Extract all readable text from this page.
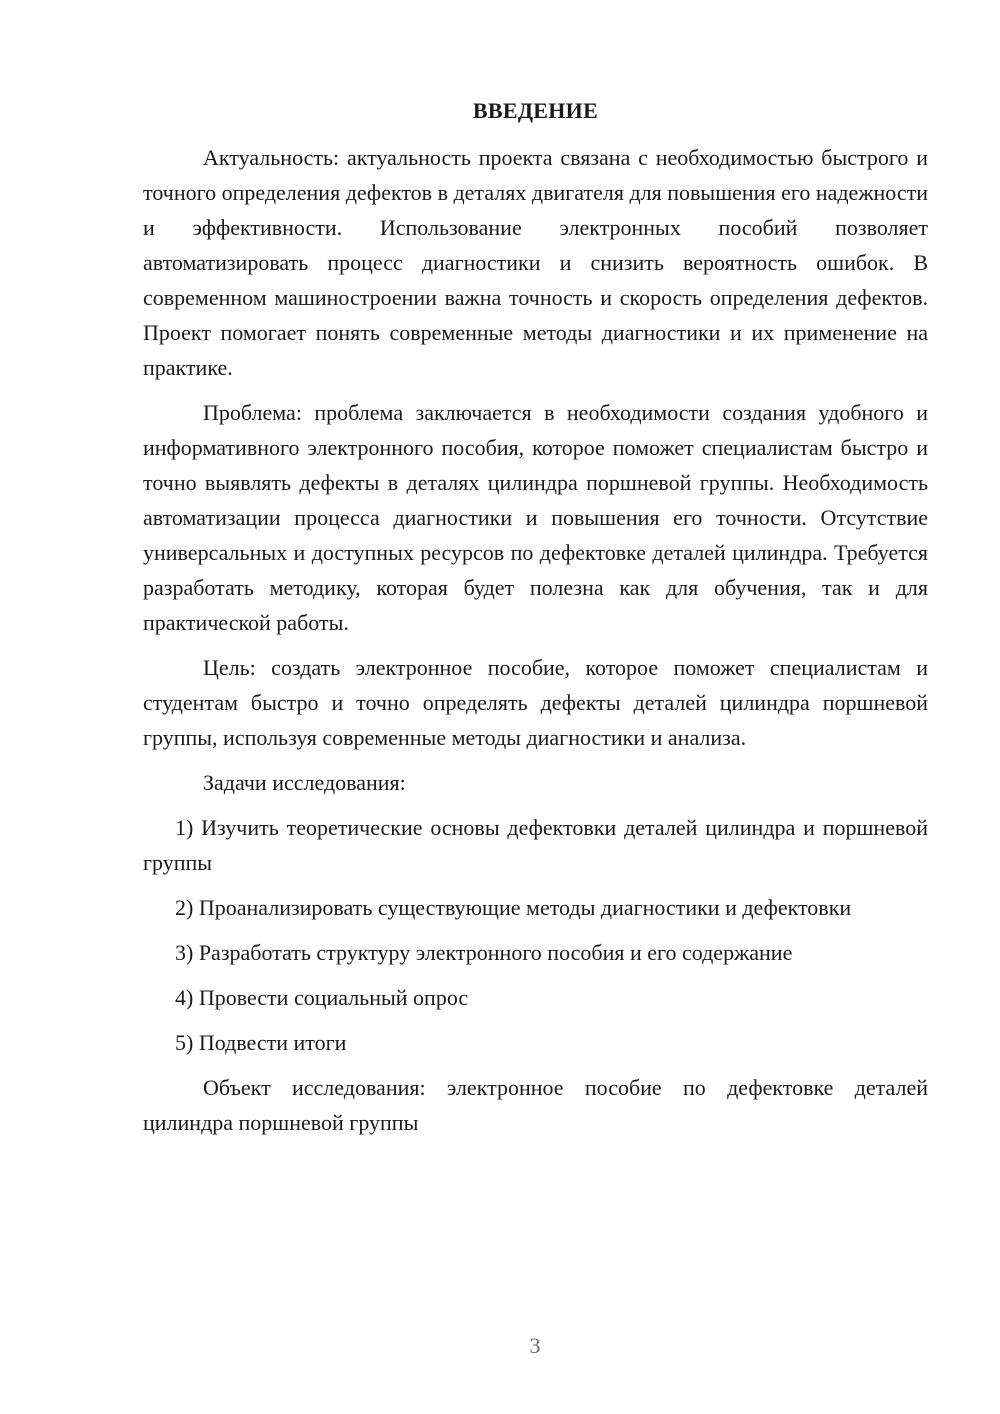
ВВЕДЕНИЕ

Актуальность: актуальность проекта связана с необходимостью быстрого и точного определения дефектов в деталях двигателя для повышения его надежности и эффективности. Использование электронных пособий позволяет автоматизировать процесс диагностики и снизить вероятность ошибок. В современном машиностроении важна точность и скорость определения дефектов. Проект помогает понять современные методы диагностики и их применение на практике.

Проблема: проблема заключается в необходимости создания удобного и информативного электронного пособия, которое поможет специалистам быстро и точно выявлять дефекты в деталях цилиндра поршневой группы. Необходимость автоматизации процесса диагностики и повышения его точности. Отсутствие универсальных и доступных ресурсов по дефектовке деталей цилиндра. Требуется разработать методику, которая будет полезна как для обучения, так и для практической работы.

Цель: создать электронное пособие, которое поможет специалистам и студентам быстро и точно определять дефекты деталей цилиндра поршневой группы, используя современные методы диагностики и анализа.

Задачи исследования:

1) Изучить теоретические основы дефектовки деталей цилиндра и поршневой группы

2) Проанализировать существующие методы диагностики и дефектовки

3) Разработать структуру электронного пособия и его содержание

4) Провести социальный опрос

5) Подвести итоги

Объект исследования: электронное пособие по дефектовке деталей цилиндра поршневой группы

3
